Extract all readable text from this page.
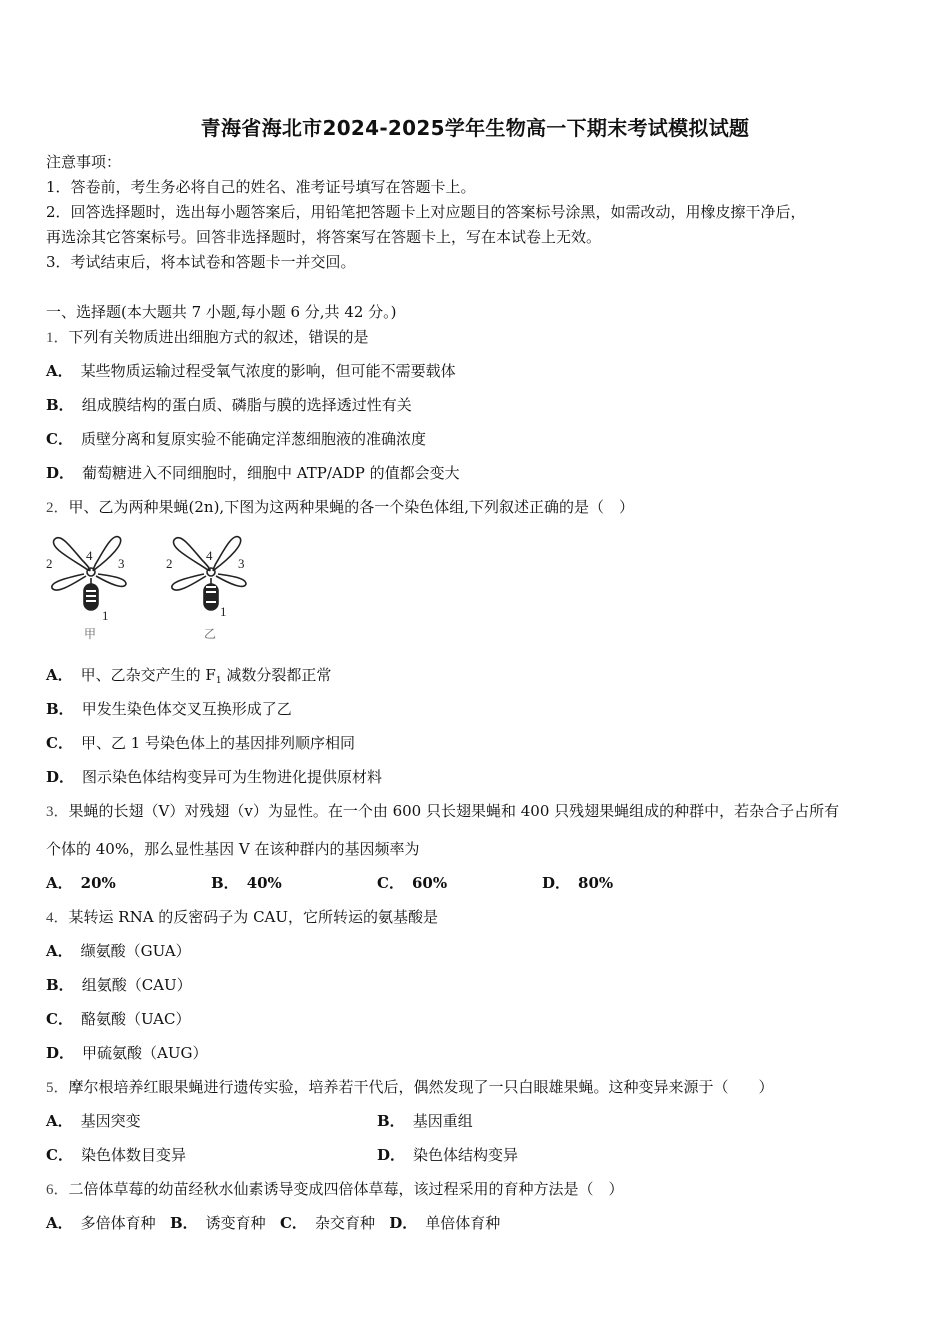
青海省海北市2024-2025学年生物高一下期末考试模拟试题
注意事项：
1．答卷前，考生务必将自己的姓名、准考证号填写在答题卡上。
2．回答选择题时，选出每小题答案后，用铅笔把答题卡上对应题目的答案标号涂黑，如需改动，用橡皮擦干净后，
再选涂其它答案标号。回答非选择题时，将答案写在答题卡上，写在本试卷上无效。
3．考试结束后，将本试卷和答题卡一并交回。
一、选择题(本大题共 7 小题,每小题 6 分,共 42 分。)
1．下列有关物质进出细胞方式的叙述，错误的是
A． 某些物质运输过程受氧气浓度的影响，但可能不需要载体
B． 组成膜结构的蛋白质、磷脂与膜的选择透过性有关
C． 质壁分离和复原实验不能确定洋葱细胞液的准确浓度
D． 葡萄糖进入不同细胞时，细胞中 ATP/ADP 的值都会变大
2．甲、乙为两种果蝇(2n),下图为这两种果蝇的各一个染色体组,下列叙述正确的是（　）
2
4
3
1
甲
2
4
3
1
乙
A． 甲、乙杂交产生的 $F_1$ 减数分裂都正常
B． 甲发生染色体交叉互换形成了乙
C． 甲、乙 1 号染色体上的基因排列顺序相同
D． 图示染色体结构变异可为生物进化提供原材料
3．果蝇的长翅（V）对残翅（v）为显性。在一个由 600 只长翅果蝇和 400 只残翅果蝇组成的种群中，若杂合子占所有
个体的 40%，那么显性基因 V 在该种群内的基因频率为
A． 20%	B． 40%	C． 60%	D． 80%
4．某转运 RNA 的反密码子为 CAU，它所转运的氨基酸是
A． 缬氨酸（GUA）
B． 组氨酸（CAU）
C． 酪氨酸（UAC）
D． 甲硫氨酸（AUG）
5．摩尔根培养红眼果蝇进行遗传实验，培养若干代后，偶然发现了一只白眼雄果蝇。这种变异来源于（　　）
A． 基因突变	B． 基因重组
C． 染色体数目变异	D． 染色体结构变异
6．二倍体草莓的幼苗经秋水仙素诱导变成四倍体草莓，该过程采用的育种方法是（　）
A． 多倍体育种 B． 诱变育种 C． 杂交育种 D． 单倍体育种
